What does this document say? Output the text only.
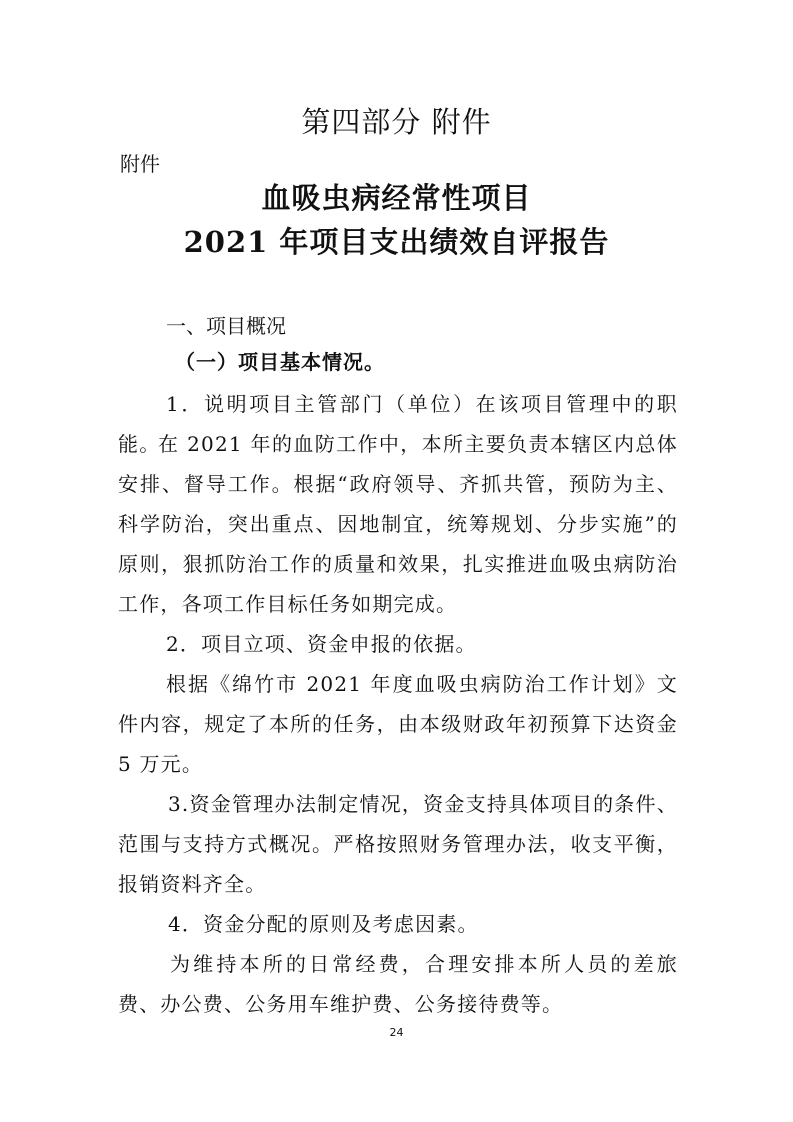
第四部分 附件
附件
血吸虫病经常性项目
2021 年项目支出绩效自评报告
一、项目概况
（一）项目基本情况。

1．说明项目主管部门（单位）在该项目管理中的职能。

在 2021 年的血防工作中，本所主要负责本辖区内总体安排、督导工作。根据“政府领导、齐抓共管，预防为主、科学防治，突出重点、因地制宜，统筹规划、分步实施”的原则，狠抓防治工作的质量和效果，扎实推进血吸虫病防治工作，各项工作目标任务如期完成。

2．项目立项、资金申报的依据。

根据《绵竹市 2021 年度血吸虫病防治工作计划》文件内容，规定了本所的任务，由本级财政年初预算下达资金 5 万元。

3.资金管理办法制定情况，资金支持具体项目的条件、范围与支持方式概况。严格按照财务管理办法，收支平衡，报销资料齐全。

4．资金分配的原则及考虑因素。

为维持本所的日常经费，合理安排本所人员的差旅费、办公费、公务用车维护费、公务接待费等。

24
